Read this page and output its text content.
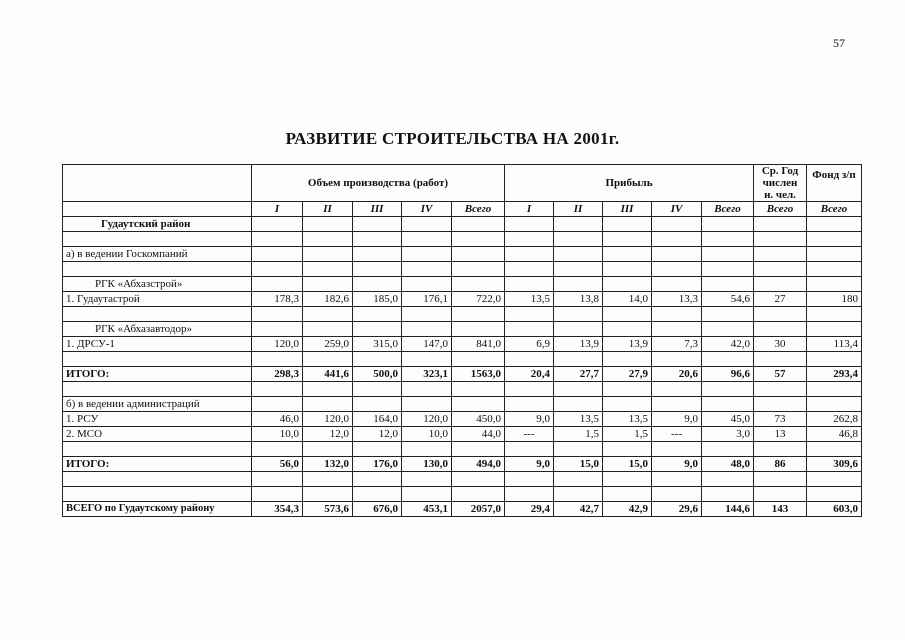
57
РАЗВИТИЕ СТРОИТЕЛЬСТВА НА 2001г.
	Объем производства (работ)					Прибыль					Ср. Год числен н. чел.	Фонд з/п
	I	II	III	IV	Всего	I	II	III	IV	Всего	Всего	Всего
Гудаутский район												

а) в ведении Госкомпаний												

РГК «Абхазстрой»												
1. Гудаутастрой	178,3	182,6	185,0	176,1	722,0	13,5	13,8	14,0	13,3	54,6	27	180

РГК «Абхазавтодор»												
1. ДРСУ-1	120,0	259,0	315,0	147,0	841,0	6,9	13,9	13,9	7,3	42,0	30	113,4

ИТОГО:	298,3	441,6	500,0	323,1	1563,0	20,4	27,7	27,9	20,6	96,6	57	293,4

б) в ведении администраций												
1. РСУ	46,0	120,0	164,0	120,0	450,0	9,0	13,5	13,5	9,0	45,0	73	262,8
2. МСО	10,0	12,0	12,0	10,0	44,0	---	1,5	1,5	---	3,0	13	46,8

ИТОГО:	56,0	132,0	176,0	130,0	494,0	9,0	15,0	15,0	9,0	48,0	86	309,6

ВСЕГО по Гудаутскому району	354,3	573,6	676,0	453,1	2057,0	29,4	42,7	42,9	29,6	144,6	143	603,0
